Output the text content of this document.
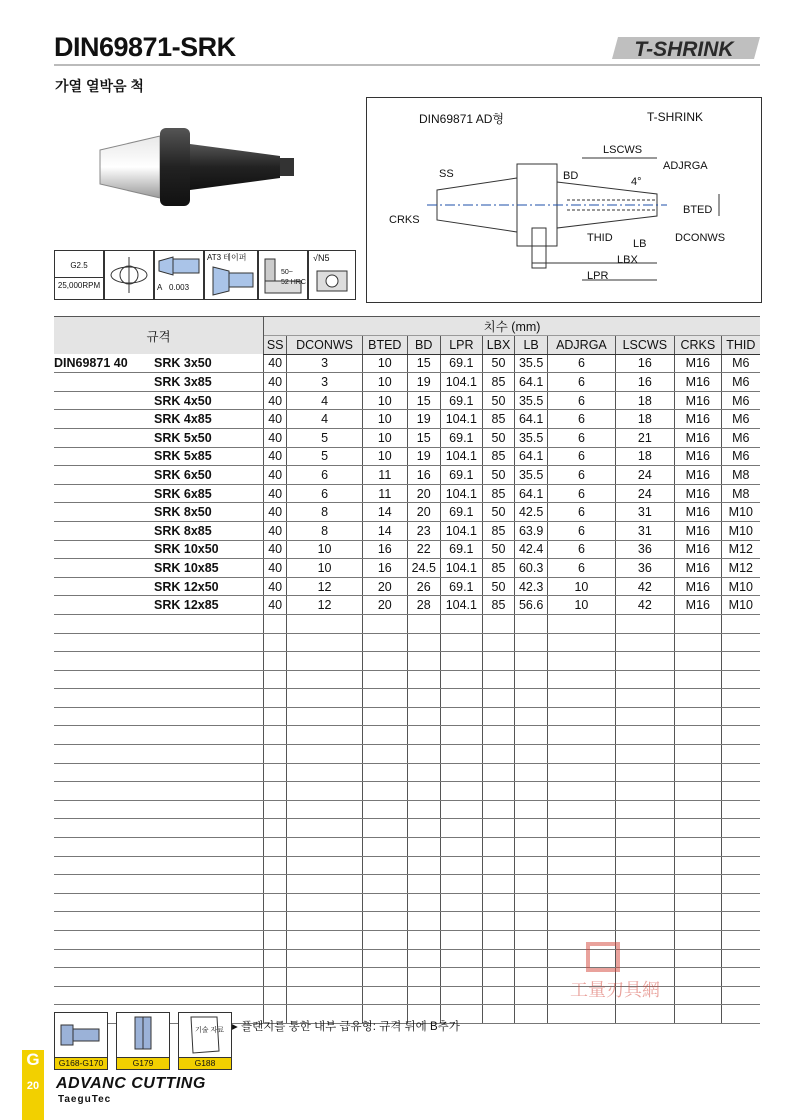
DIN69871-SRK
가열 열박음 척
T-SHRINK
G2.5
25,000RPM	A 0.003
AT3 테이퍼
50~
52 HRC
√N5
DIN69871 AD형	T-SHRINK
LSCWS
ADJRGA
SS	BD	4°
CRKS
BTED
THID LB	DCONWS
LBX
LPR
규격		치수 (mm)										
		SS	DCONWS	BTED	BD	LPR	LBX	LB	ADJRGA	LSCWS	CRKS	THID
DIN69871 40	SRK 3x50	40	3	10	15	69.1	50	35.5	6	16	M16	M6
	SRK 3x85	40	3	10	19	104.1	85	64.1	6	16	M16	M6
	SRK 4x50	40	4	10	15	69.1	50	35.5	6	18	M16	M6
	SRK 4x85	40	4	10	19	104.1	85	64.1	6	18	M16	M6
	SRK 5x50	40	5	10	15	69.1	50	35.5	6	21	M16	M6
	SRK 5x85	40	5	10	19	104.1	85	64.1	6	18	M16	M6
	SRK 6x50	40	6	11	16	69.1	50	35.5	6	24	M16	M8
	SRK 6x85	40	6	11	20	104.1	85	64.1	6	24	M16	M8
	SRK 8x50	40	8	14	20	69.1	50	42.5	6	31	M16	M10
	SRK 8x85	40	8	14	23	104.1	85	63.9	6	31	M16	M10
	SRK 10x50	40	10	16	22	69.1	50	42.4	6	36	M16	M12
	SRK 10x85	40	10	16	24.5	104.1	85	60.3	6	36	M16	M12
	SRK 12x50	40	12	20	26	69.1	50	42.3	10	42	M16	M10
	SRK 12x85	40	12	20	28	104.1	85	56.6	10	42	M16	M10

G168-G170	G179
기술 자료
G188
▸ 플랜지를 통한 내부 급유형: 규격 뒤에 B추가
G
20	ADVANC CUTTING
TaeguTec
工量刃具網
